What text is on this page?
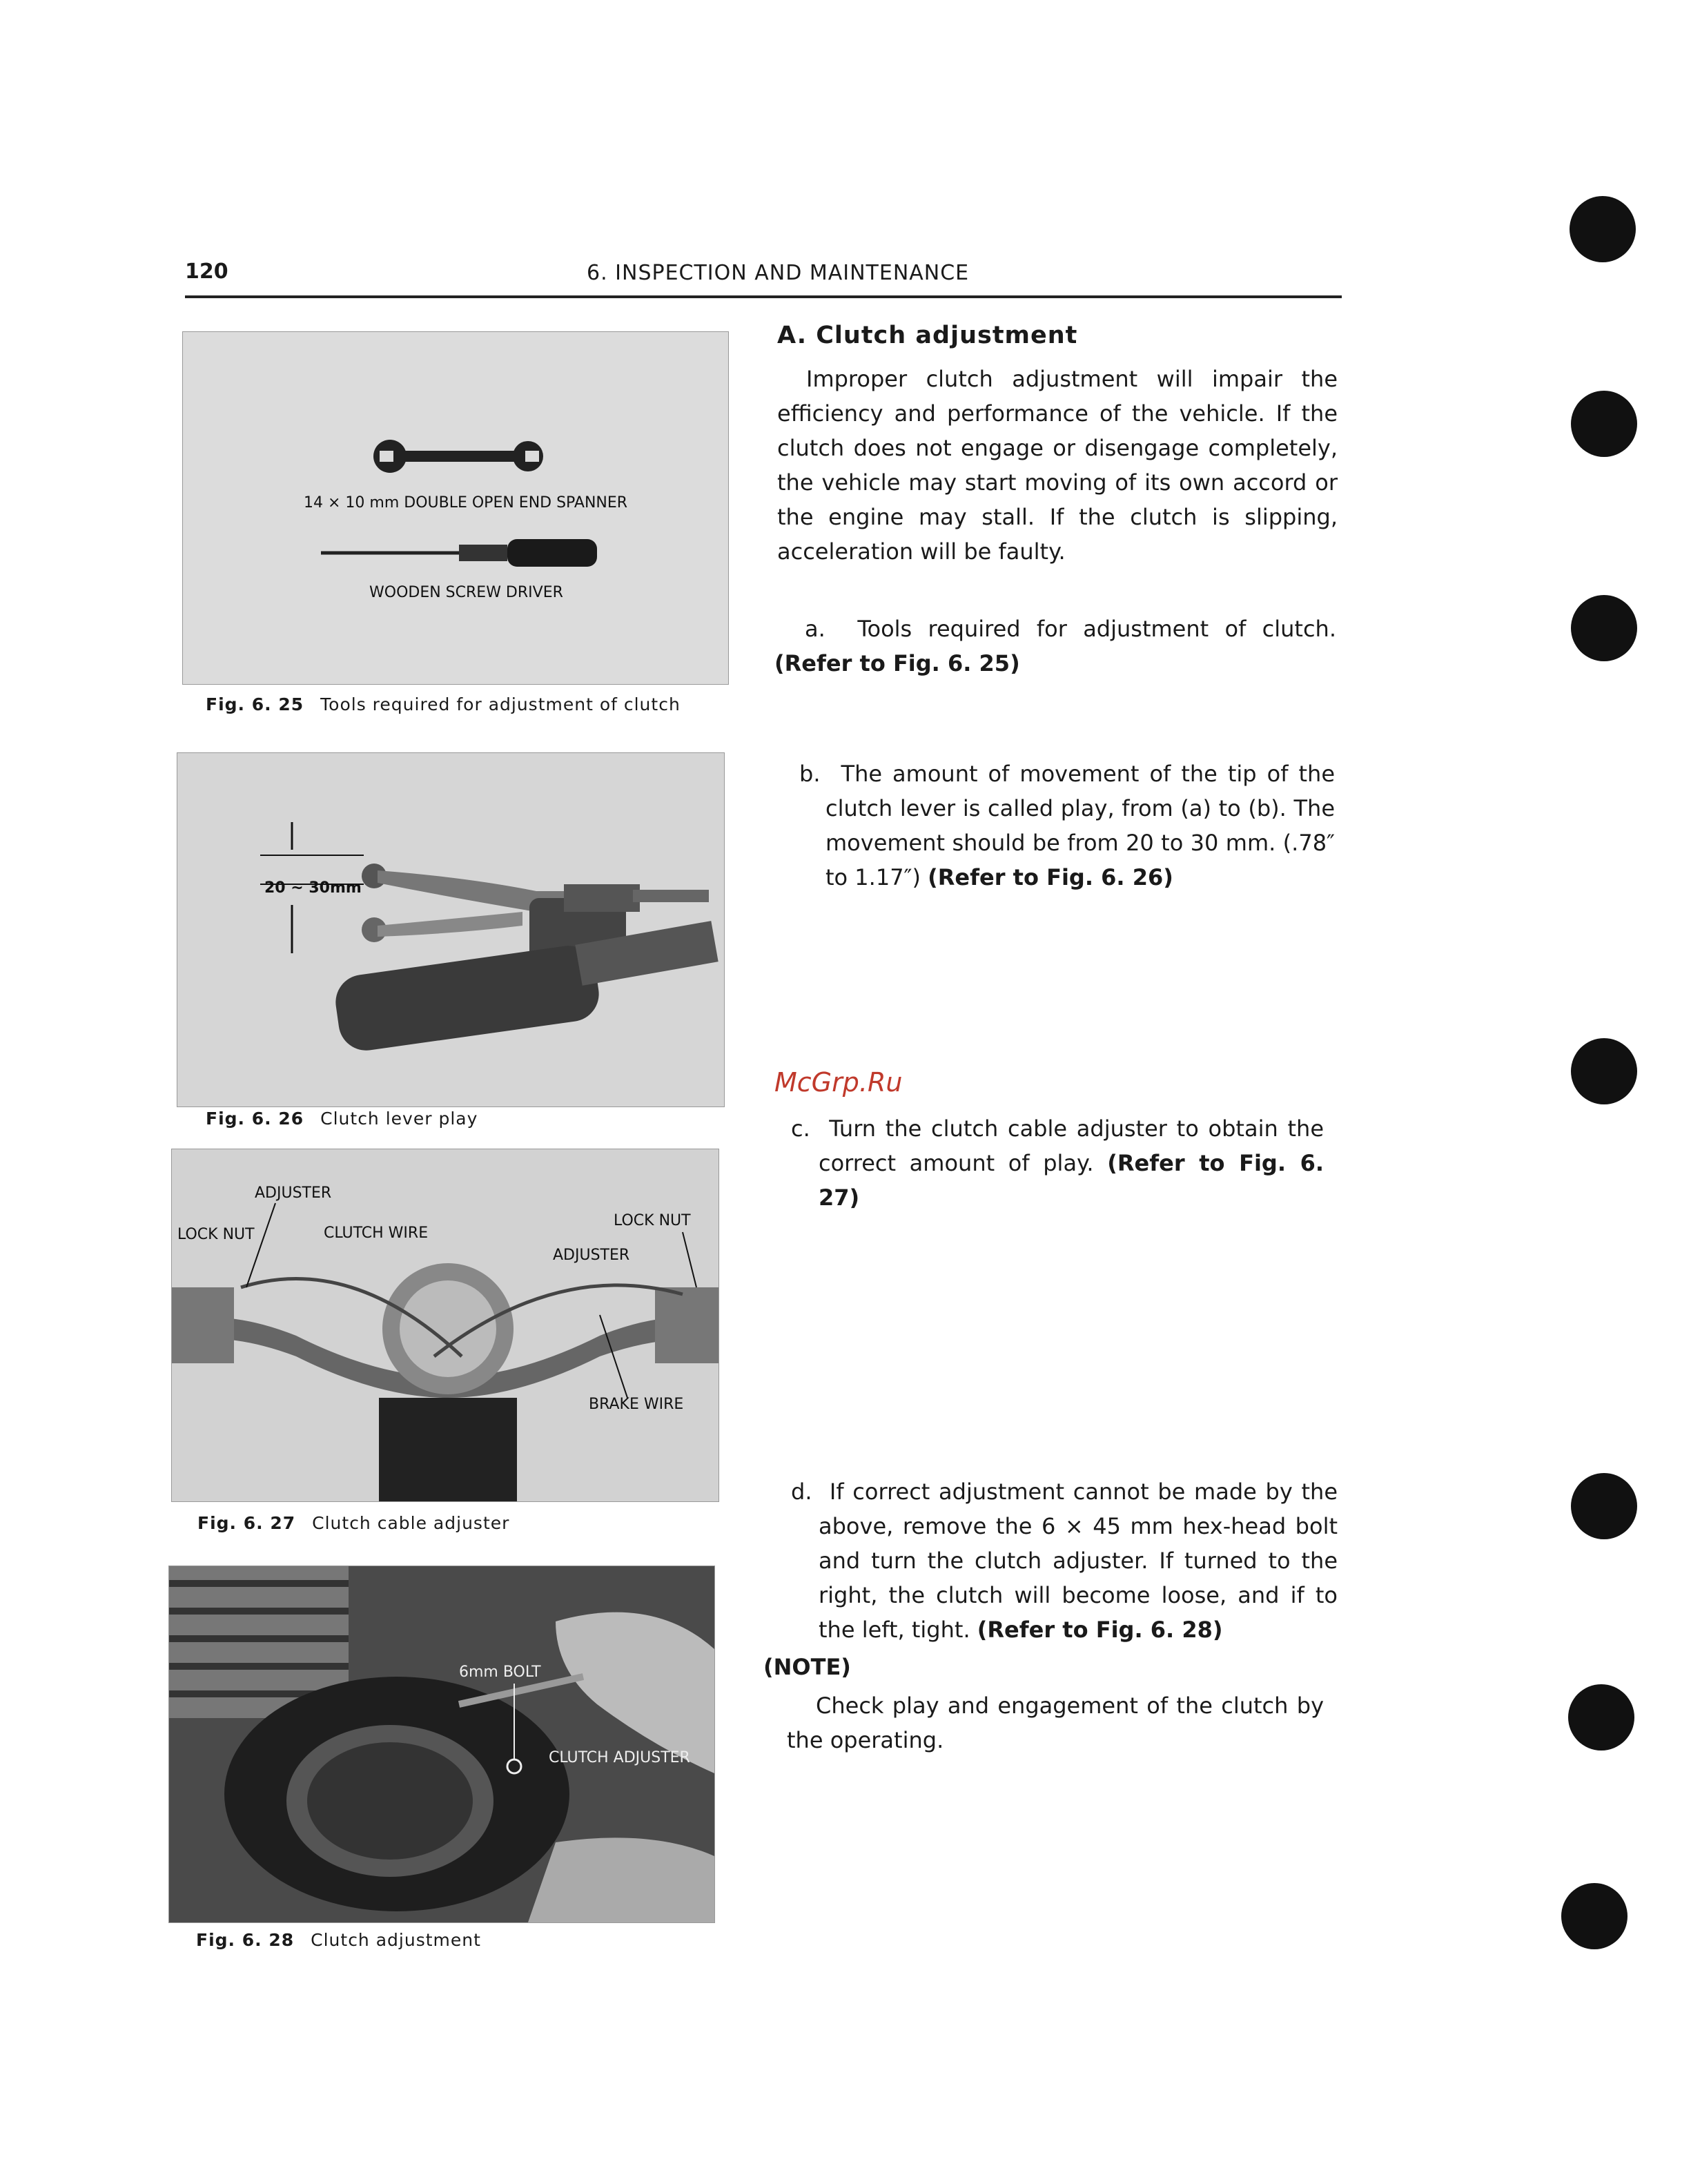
120	6. INSPECTION AND MAINTENANCE
14 × 10 mm DOUBLE OPEN END SPANNER
WOODEN SCREW DRIVER
Fig. 6. 25 Tools required for adjustment of clutch
20 ~ 30mm
Fig. 6. 26 Clutch lever play
ADJUSTER
LOCK NUT	CLUTCH WIRE
LOCK NUT
ADJUSTER
BRAKE WIRE
Fig. 6. 27 Clutch cable adjuster
6mm BOLT
CLUTCH ADJUSTER
Fig. 6. 28 Clutch adjustment
A. Clutch adjustment
Improper clutch adjustment will impair the efficiency and performance of the vehicle. If the clutch does not engage or disengage completely, the vehicle may start moving of its own accord or the engine may stall. If the clutch is slipping, acceleration will be faulty.
a. Tools required for adjustment of clutch. (Refer to Fig. 6. 25)
b. The amount of movement of the tip of the clutch lever is called play, from (a) to (b). The movement should be from 20 to 30 mm. (.78″ to 1.17″) (Refer to Fig. 6. 26)
McGrp.Ru
c. Turn the clutch cable adjuster to obtain the correct amount of play. (Refer to Fig. 6. 27)
d. If correct adjustment cannot be made by the above, remove the 6 × 45 mm hex-head bolt and turn the clutch adjuster. If turned to the right, the clutch will become loose, and if to the left, tight. (Refer to Fig. 6. 28)
(NOTE)
Check play and engagement of the clutch by the operating.
